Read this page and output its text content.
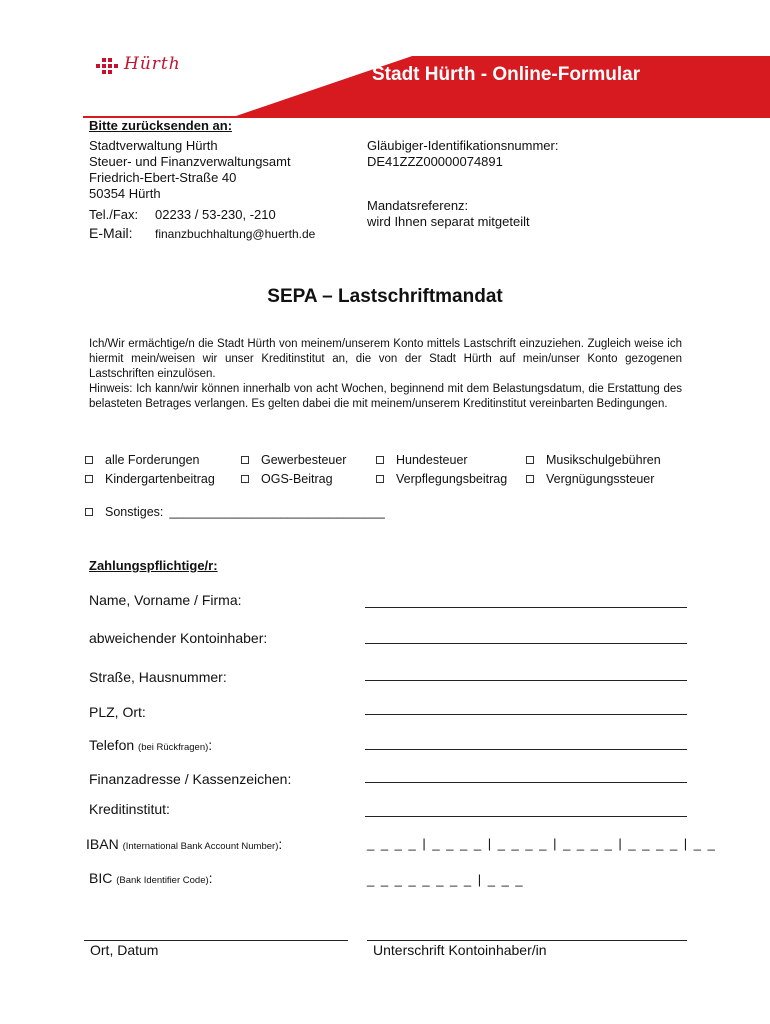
Hürth	Stadt Hürth - Online-Formular
Bitte zurücksenden an:
Stadtverwaltung Hürth
Steuer- und Finanzverwaltungsamt
Friedrich-Ebert-Straße 40
50354 Hürth
Tel./Fax: 02233 / 53-230, -210
E-Mail: finanzbuchhaltung@huerth.de
Gläubiger-Identifikationsnummer:
DE41ZZZ00000074891
Mandatsreferenz:
wird Ihnen separat mitgeteilt
SEPA – Lastschriftmandat

Ich/Wir ermächtige/n die Stadt Hürth von meinem/unserem Konto mittels Lastschrift einzuziehen. Zugleich weise ich hiermit mein/weisen wir unser Kreditinstitut an, die von der Stadt Hürth auf mein/unser Konto gezogenen Lastschriften einzulösen.

Hinweis: Ich kann/wir können innerhalb von acht Wochen, beginnend mit dem Belastungsdatum, die Erstattung des belasteten Betrages verlangen. Es gelten dabei die mit meinem/unserem Kreditinstitut vereinbarten Bedingungen.

alle Forderungen	Gewerbesteuer	Hundesteuer	Musikschulgebühren
Kindergartenbeitrag	OGS-Beitrag	Verpflegungsbeitrag	Vergnügungssteuer
Sonstiges: _______________________________
Zahlungspflichtige/r:
Name, Vorname / Firma:
abweichender Kontoinhaber:
Straße, Hausnummer:
PLZ, Ort:
Telefon (bei Rückfragen):
Finanzadresse / Kassenzeichen:
Kreditinstitut:
IBAN (International Bank Account Number):	_ _ _ _ | _ _ _ _ | _ _ _ _ | _ _ _ _ | _ _ _ _ | _ _
BIC (Bank Identifier Code):	_ _ _ _ _ _ _ _ | _ _ _
Ort, Datum	Unterschrift Kontoinhaber/in
